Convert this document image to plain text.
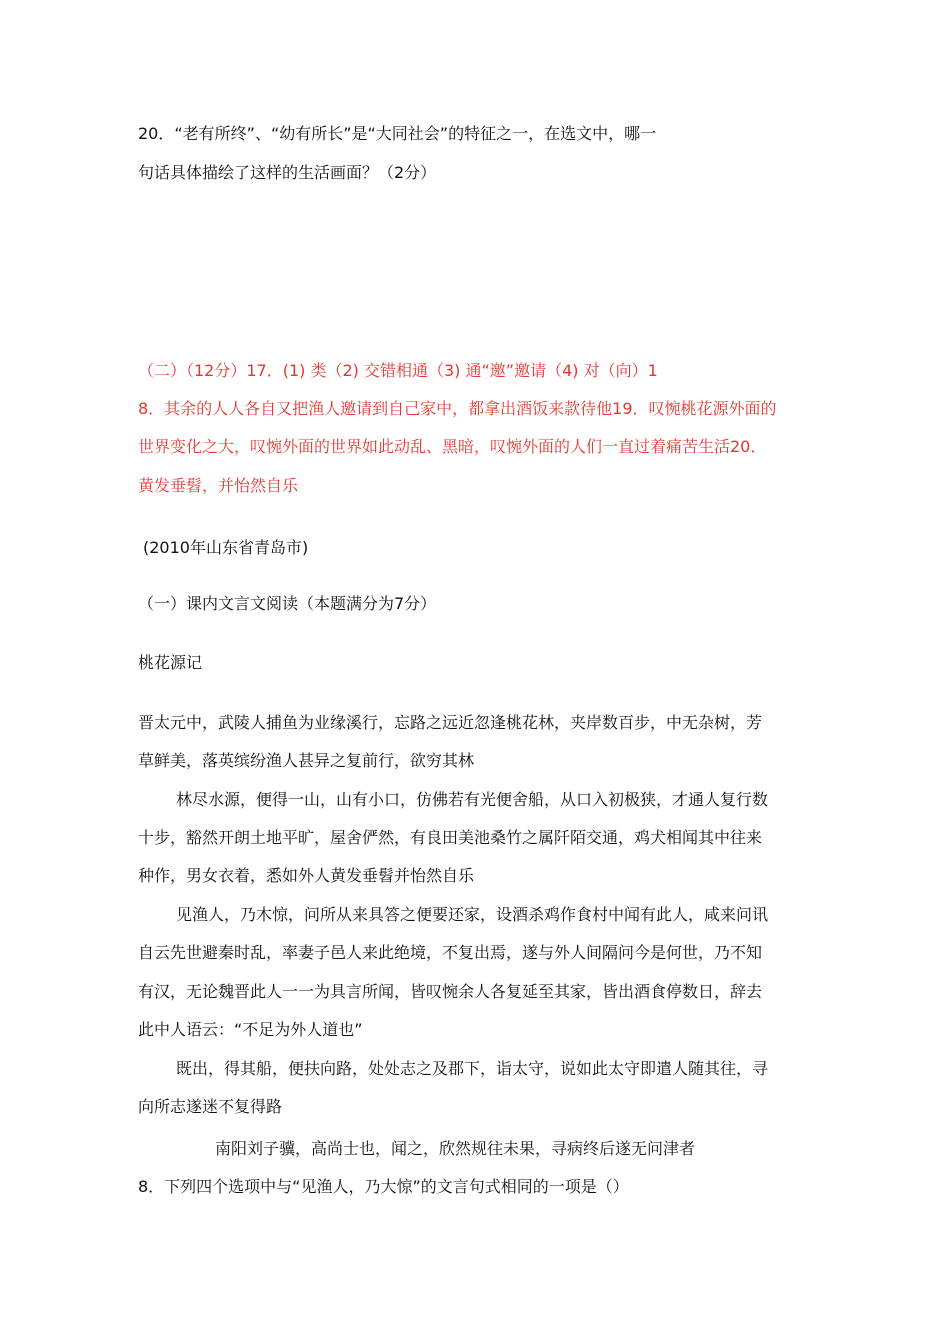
20．“老有所终”、“幼有所长”是“大同社会”的特征之一，在选文中，哪一
句话具体描绘了这样的生活画面？（2分）
（二）（12分）17．(1) 类（2) 交错相通（3) 通“邀”邀请（4) 对（向）1
8．其余的人人各自又把渔人邀请到自己家中，都拿出酒饭来款待他19．叹惋桃花源外面的
世界变化之大，叹惋外面的世界如此动乱、黑暗，叹惋外面的人们一直过着痛苦生活20．
黄发垂髫，并怡然自乐
(2010年山东省青岛市)
（一）课内文言文阅读（本题满分为7分）
桃花源记
晋太元中，武陵人捕鱼为业缘溪行，忘路之远近忽逢桃花林，夹岸数百步，中无杂树，芳
草鲜美，落英缤纷渔人甚异之复前行，欲穷其林
林尽水源，便得一山，山有小口，仿佛若有光便舍船，从口入初极狭，才通人复行数
十步，豁然开朗土地平旷，屋舍俨然，有良田美池桑竹之属阡陌交通，鸡犬相闻其中往来
种作，男女衣着，悉如外人黄发垂髫并怡然自乐
见渔人，乃木惊，问所从来具答之便要还家，设酒杀鸡作食村中闻有此人，咸来问讯
自云先世避秦时乱，率妻子邑人来此绝境，不复出焉，遂与外人间隔问今是何世，乃不知
有汉，无论魏晋此人一一为具言所闻，皆叹惋余人各复延至其家，皆出酒食停数日，辞去
此中人语云：“不足为外人道也”
既出，得其船，便扶向路，处处志之及郡下，诣太守，说如此太守即遣人随其往，寻
向所志遂迷不复得路
南阳刘子骥，高尚士也，闻之，欣然规往未果，寻病终后遂无问津者
8．下列四个选项中与“见渔人，乃大惊”的文言句式相同的一项是（）
